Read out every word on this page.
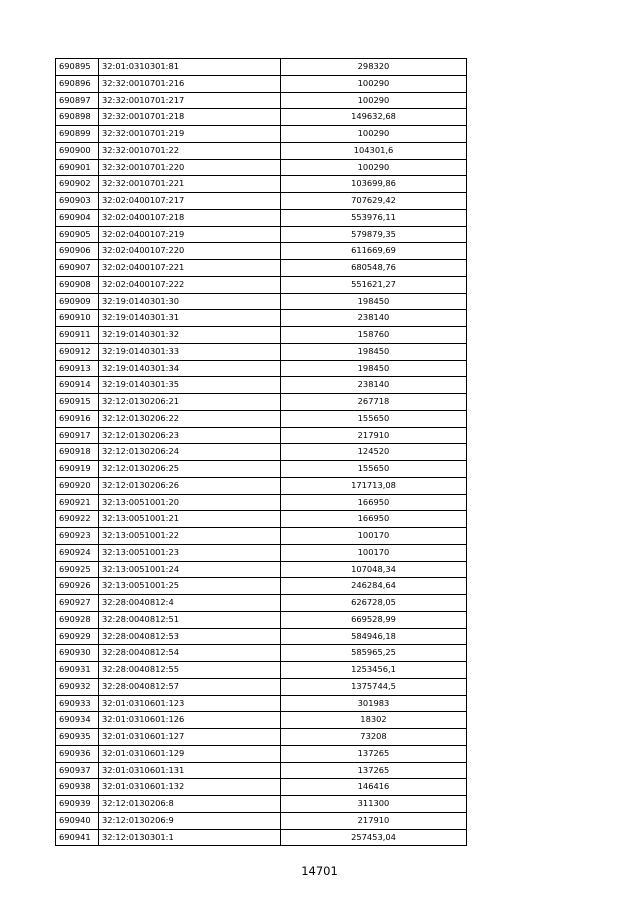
690895	32:01:0310301:81	298320
690896	32:32:0010701:216	100290
690897	32:32:0010701:217	100290
690898	32:32:0010701:218	149632,68
690899	32:32:0010701:219	100290
690900	32:32:0010701:22	104301,6
690901	32:32:0010701:220	100290
690902	32:32:0010701:221	103699,86
690903	32:02:0400107:217	707629,42
690904	32:02:0400107:218	553976,11
690905	32:02:0400107:219	579879,35
690906	32:02:0400107:220	611669,69
690907	32:02:0400107:221	680548,76
690908	32:02:0400107:222	551621,27
690909	32:19:0140301:30	198450
690910	32:19:0140301:31	238140
690911	32:19:0140301:32	158760
690912	32:19:0140301:33	198450
690913	32:19:0140301:34	198450
690914	32:19:0140301:35	238140
690915	32:12:0130206:21	267718
690916	32:12:0130206:22	155650
690917	32:12:0130206:23	217910
690918	32:12:0130206:24	124520
690919	32:12:0130206:25	155650
690920	32:12:0130206:26	171713,08
690921	32:13:0051001:20	166950
690922	32:13:0051001:21	166950
690923	32:13:0051001:22	100170
690924	32:13:0051001:23	100170
690925	32:13:0051001:24	107048,34
690926	32:13:0051001:25	246284,64
690927	32:28:0040812:4	626728,05
690928	32:28:0040812:51	669528,99
690929	32:28:0040812:53	584946,18
690930	32:28:0040812:54	585965,25
690931	32:28:0040812:55	1253456,1
690932	32:28:0040812:57	1375744,5
690933	32:01:0310601:123	301983
690934	32:01:0310601:126	18302
690935	32:01:0310601:127	73208
690936	32:01:0310601:129	137265
690937	32:01:0310601:131	137265
690938	32:01:0310601:132	146416
690939	32:12:0130206:8	311300
690940	32:12:0130206:9	217910
690941	32:12:0130301:1	257453,04
14701
